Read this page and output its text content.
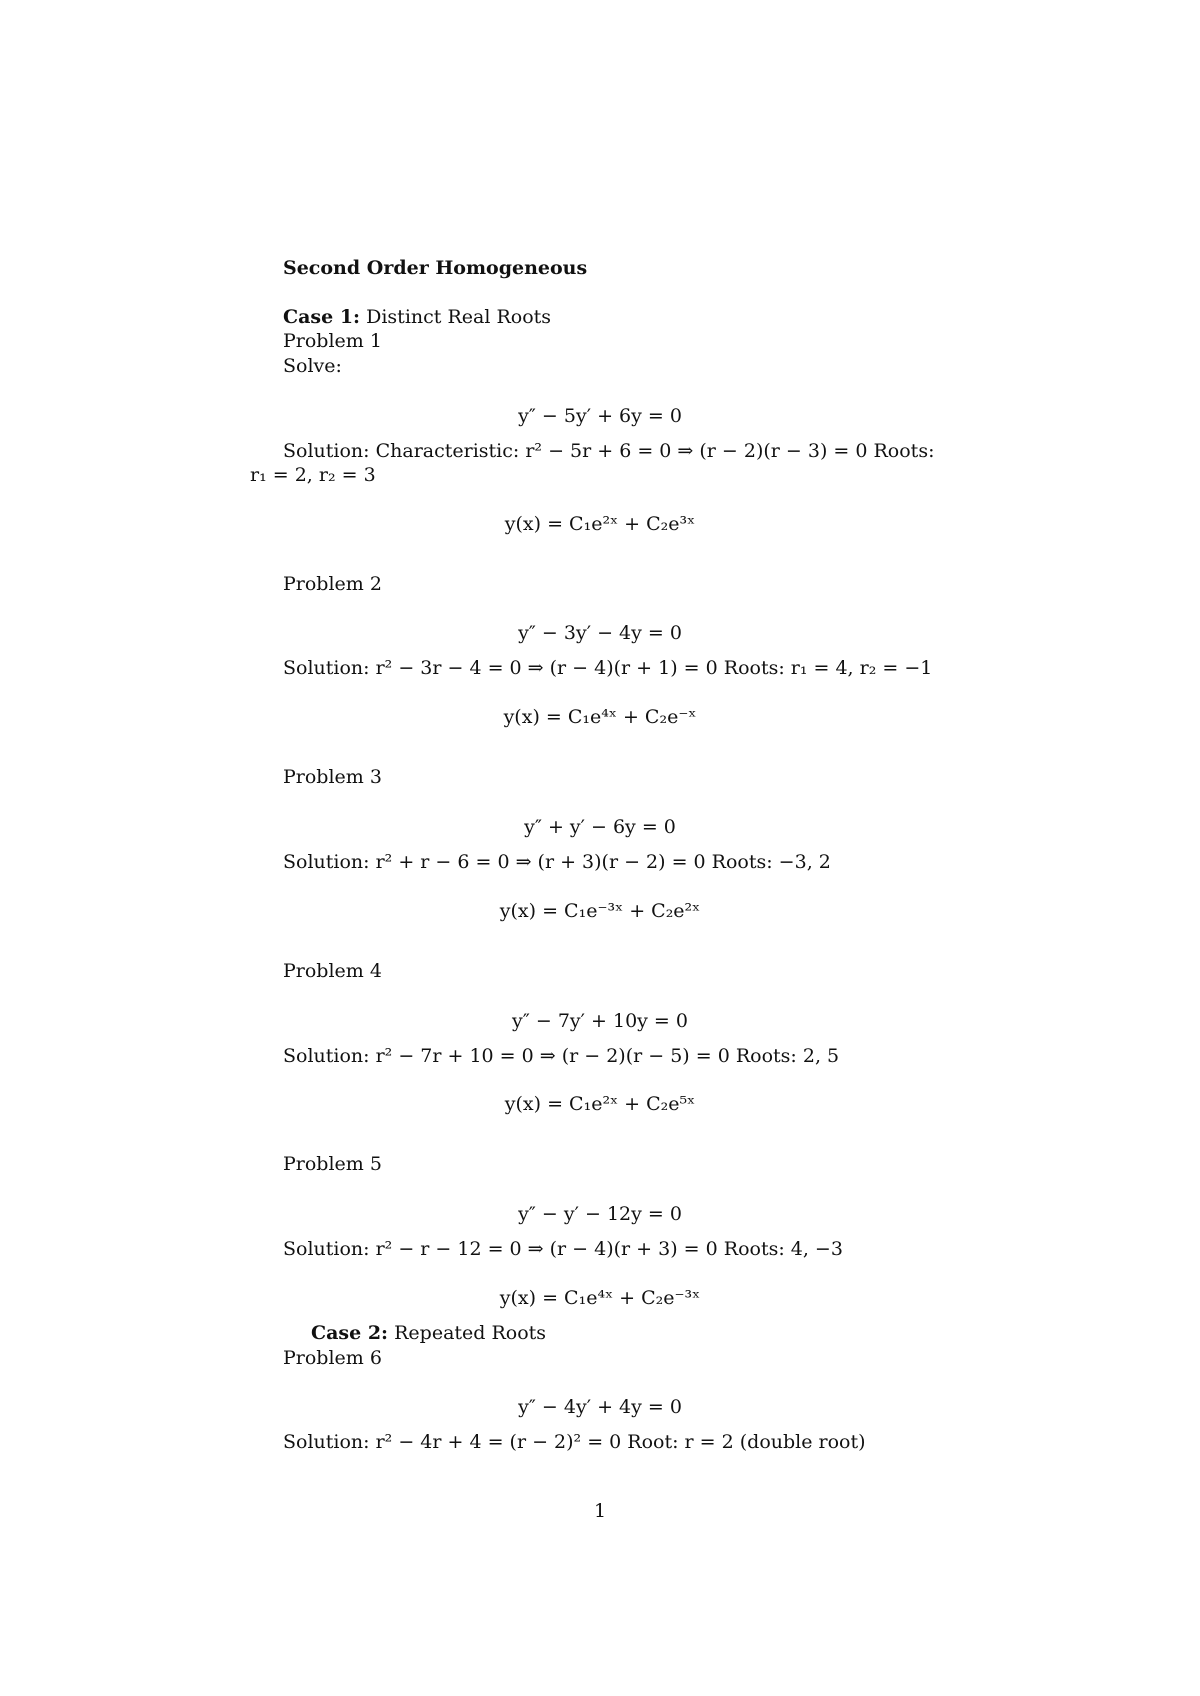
Second Order Homogeneous
Case 1: Distinct Real Roots
Problem 1
Solve:
y″ − 5y′ + 6y = 0
Solution: Characteristic: r² − 5r + 6 = 0 ⇒ (r − 2)(r − 3) = 0 Roots:
r₁ = 2, r₂ = 3
y(x) = C₁e²ˣ + C₂e³ˣ
Problem 2
y″ − 3y′ − 4y = 0
Solution: r² − 3r − 4 = 0 ⇒ (r − 4)(r + 1) = 0 Roots: r₁ = 4, r₂ = −1
y(x) = C₁e⁴ˣ + C₂e⁻ˣ
Problem 3
y″ + y′ − 6y = 0
Solution: r² + r − 6 = 0 ⇒ (r + 3)(r − 2) = 0 Roots: −3, 2
y(x) = C₁e⁻³ˣ + C₂e²ˣ
Problem 4
y″ − 7y′ + 10y = 0
Solution: r² − 7r + 10 = 0 ⇒ (r − 2)(r − 5) = 0 Roots: 2, 5
y(x) = C₁e²ˣ + C₂e⁵ˣ
Problem 5
y″ − y′ − 12y = 0
Solution: r² − r − 12 = 0 ⇒ (r − 4)(r + 3) = 0 Roots: 4, −3
y(x) = C₁e⁴ˣ + C₂e⁻³ˣ
Case 2: Repeated Roots
Problem 6
y″ − 4y′ + 4y = 0
Solution: r² − 4r + 4 = (r − 2)² = 0 Root: r = 2 (double root)
1
